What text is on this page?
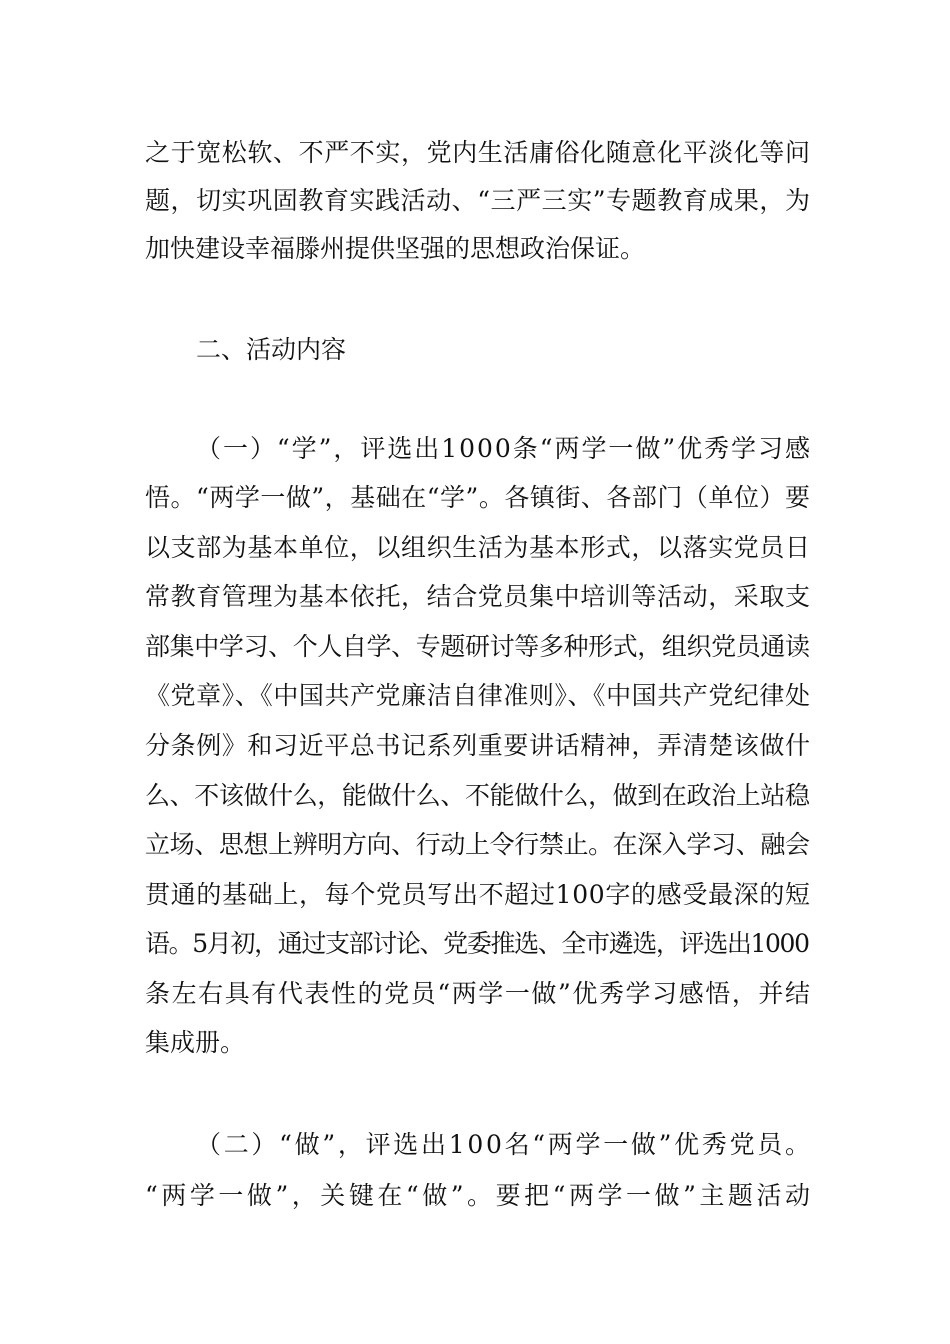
之于宽松软、不严不实，党内生活庸俗化随意化平淡化等问
题，切实巩固教育实践活动、“三严三实”专题教育成果，为
加快建设幸福滕州提供坚强的思想政治保证。
二、活动内容
（一）“学”，评选出1000条“两学一做”优秀学习感
悟。“两学一做”，基础在“学”。各镇街、各部门（单位）要
以支部为基本单位，以组织生活为基本形式，以落实党员日
常教育管理为基本依托，结合党员集中培训等活动，采取支
部集中学习、个人自学、专题研讨等多种形式，组织党员通读
《党章》、《中国共产党廉洁自律准则》、《中国共产党纪律处
分条例》和习近平总书记系列重要讲话精神，弄清楚该做什
么、不该做什么，能做什么、不能做什么，做到在政治上站稳
立场、思想上辨明方向、行动上令行禁止。在深入学习、融会
贯通的基础上，每个党员写出不超过100字的感受最深的短
语。5月初，通过支部讨论、党委推选、全市遴选，评选出1000
条左右具有代表性的党员“两学一做”优秀学习感悟，并结
集成册。
（二）“做”，评选出100名“两学一做”优秀党员。
“两学一做”，关键在“做”。要把“两学一做”主题活动
